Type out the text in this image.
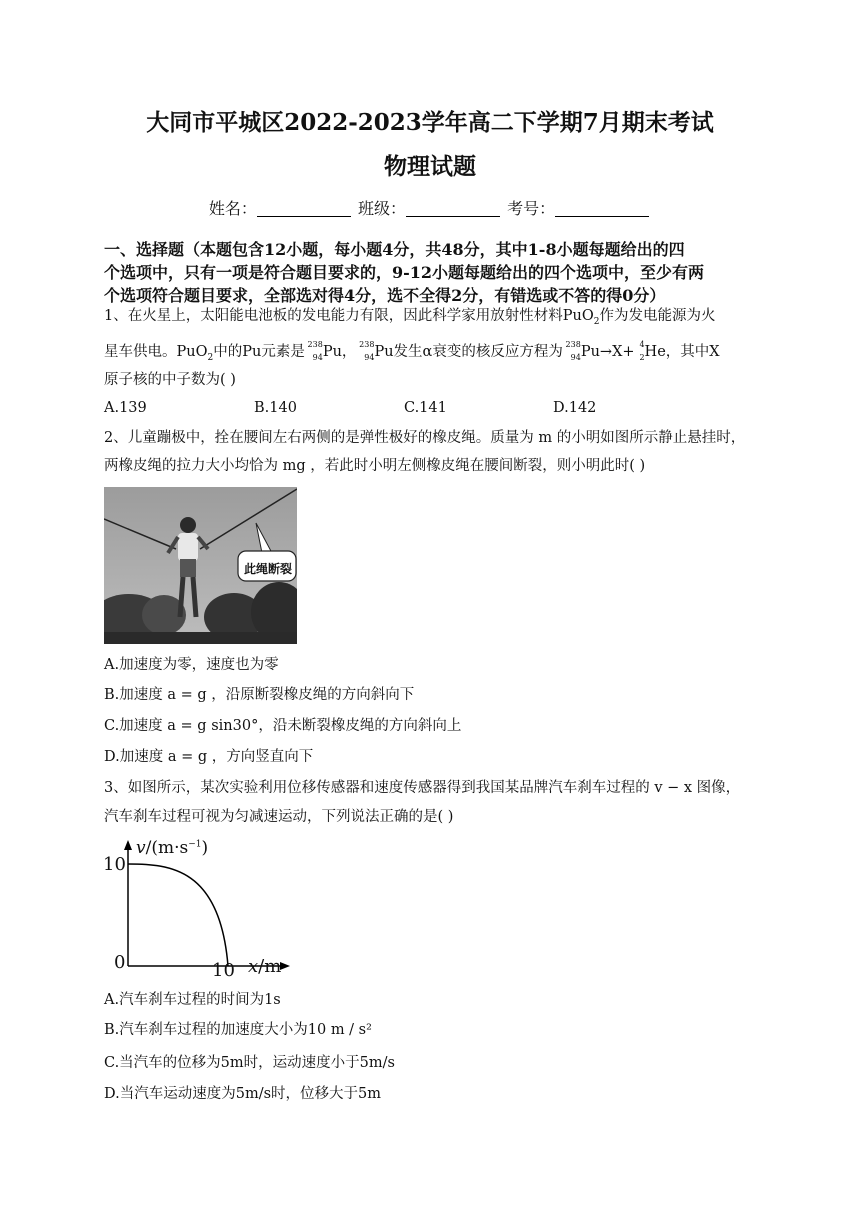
大同市平城区2022-2023学年高二下学期7月期末考试
物理试题
姓名：	班级：	考号：
一、选择题（本题包含12小题，每小题4分，共48分，其中1-8小题每题给出的四
个选项中，只有一项是符合题目要求的，9-12小题每题给出的四个选项中，至少有两
个选项符合题目要求，全部选对得4分，选不全得2分，有错选或不答的得0分）
1、在火星上，太阳能电池板的发电能力有限，因此科学家用放射性材料PuO$_2$作为发电能源为火
星车供电。PuO$_2$中的Pu元素是 238
94 Pu， 238
94 Pu发生α衰变的核反应方程为 238
94 Pu→X+ 4
2 He，其中X
原子核的中子数为( )
A.139	B.140	C.141	D.142
2、儿童蹦极中，拴在腰间左右两侧的是弹性极好的橡皮绳。质量为 m 的小明如图所示静止悬挂时，
两橡皮绳的拉力大小均恰为 mg ，若此时小明左侧橡皮绳在腰间断裂，则小明此时( )
此绳断裂
A.加速度为零，速度也为零
B.加速度 a = g ，沿原断裂橡皮绳的方向斜向下
C.加速度 a = g sin30°，沿未断裂橡皮绳的方向斜向上
D.加速度 a = g ，方向竖直向下
3、如图所示，某次实验利用位移传感器和速度传感器得到我国某品牌汽车刹车过程的 v − x 图像，
汽车刹车过程可视为匀减速运动，下列说法正确的是( )
$v/(m\cdot s^{-1})$
10
0	10 x/m
A.汽车刹车过程的时间为1s
B.汽车刹车过程的加速度大小为10 m / s²
C.当汽车的位移为5m时，运动速度小于5m/s
D.当汽车运动速度为5m/s时，位移大于5m
